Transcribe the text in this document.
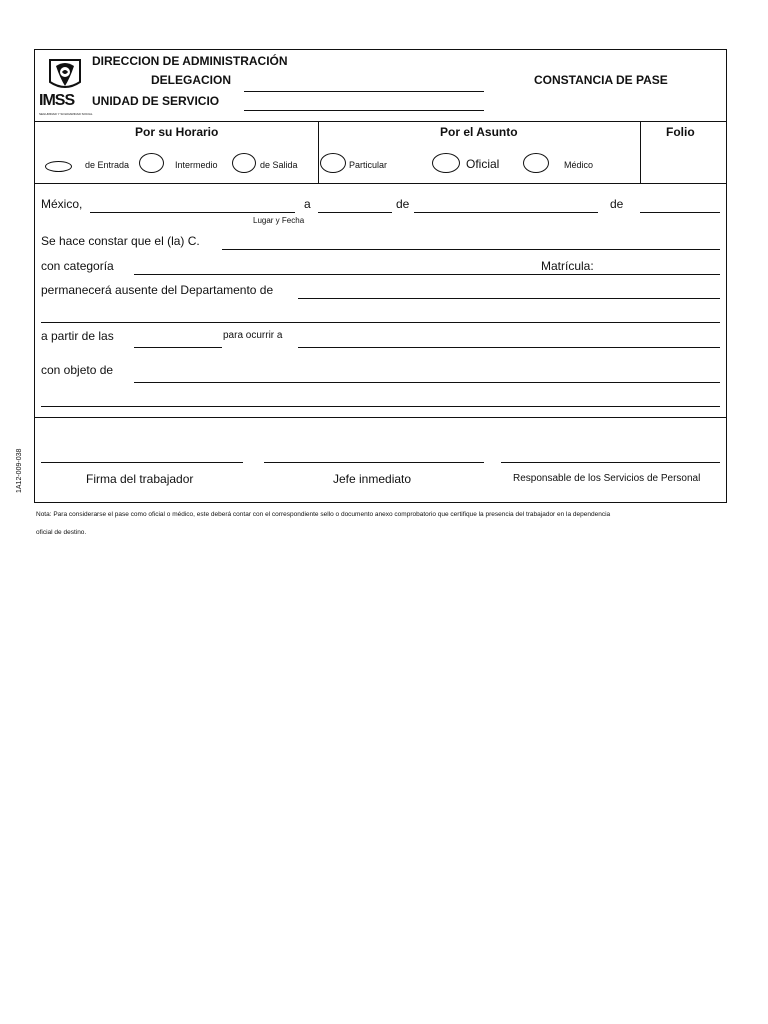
IMSS
SEGURIDAD Y SOLIDARIDAD SOCIAL
DIRECCION DE ADMINISTRACIÓN
DELEGACION
UNIDAD DE SERVICIO
CONSTANCIA DE PASE
Por su Horario	Por el Asunto	Folio
de Entrada	Intermedio	de Salida	Particular	Oficial	Médico
México,	a	de	de
Lugar y Fecha
Se hace constar que el (la) C.
con categoría	Matrícula:
permanecerá ausente del Departamento de
a partir de las	para ocurrir a
con objeto de
Firma del trabajador	Jefe inmediato	Responsable de los Servicios de Personal
1A12-009-038
Nota: Para considerarse el pase como oficial o médico, este deberá contar con el correspondiente sello o documento anexo comprobatorio que certifique la presencia del trabajador en la dependencia
oficial de destino.
